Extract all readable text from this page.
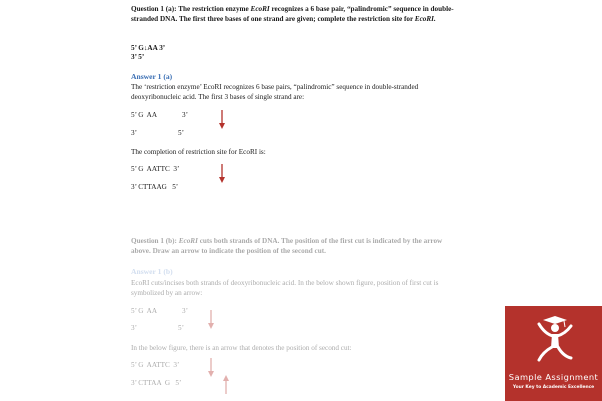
Question 1 (a): The restriction enzyme EcoRI recognizes a 6 base pair, “palindromic” sequence in double-stranded DNA. The first three bases of one strand are given; complete the restriction site for EcoRI.

5’ G↓AA 3’
3’ 5’
Answer 1 (a)

The ‘restriction enzyme’ EcoRI recognizes 6 base pairs, “palindromic” sequence in double-stranded deoxyribonucleic acid. The first 3 bases of single strand are:

5’ G  AA	3’
3’	5’

The completion of restriction site for EcoRI is:

5’ G  AATTC  3’
3’ CTTAAG   5’

Question 1 (b): EcoRI cuts both strands of DNA. The position of the first cut is indicated by the arrow above. Draw an arrow to indicate the position of the second cut.

Answer 1 (b)

EcoRI cuts/incises both strands of deoxyribonucleic acid. In the below shown figure, position of first cut is symbolized by an arrow:

5’ G  AA	3’
3’	5’

In the below figure, there is an arrow that denotes the position of second cut:

5’ G  AATTC  3’
3’ CTTAA  G   5’
Sample Assignment
Your Key to Academic Excellence
